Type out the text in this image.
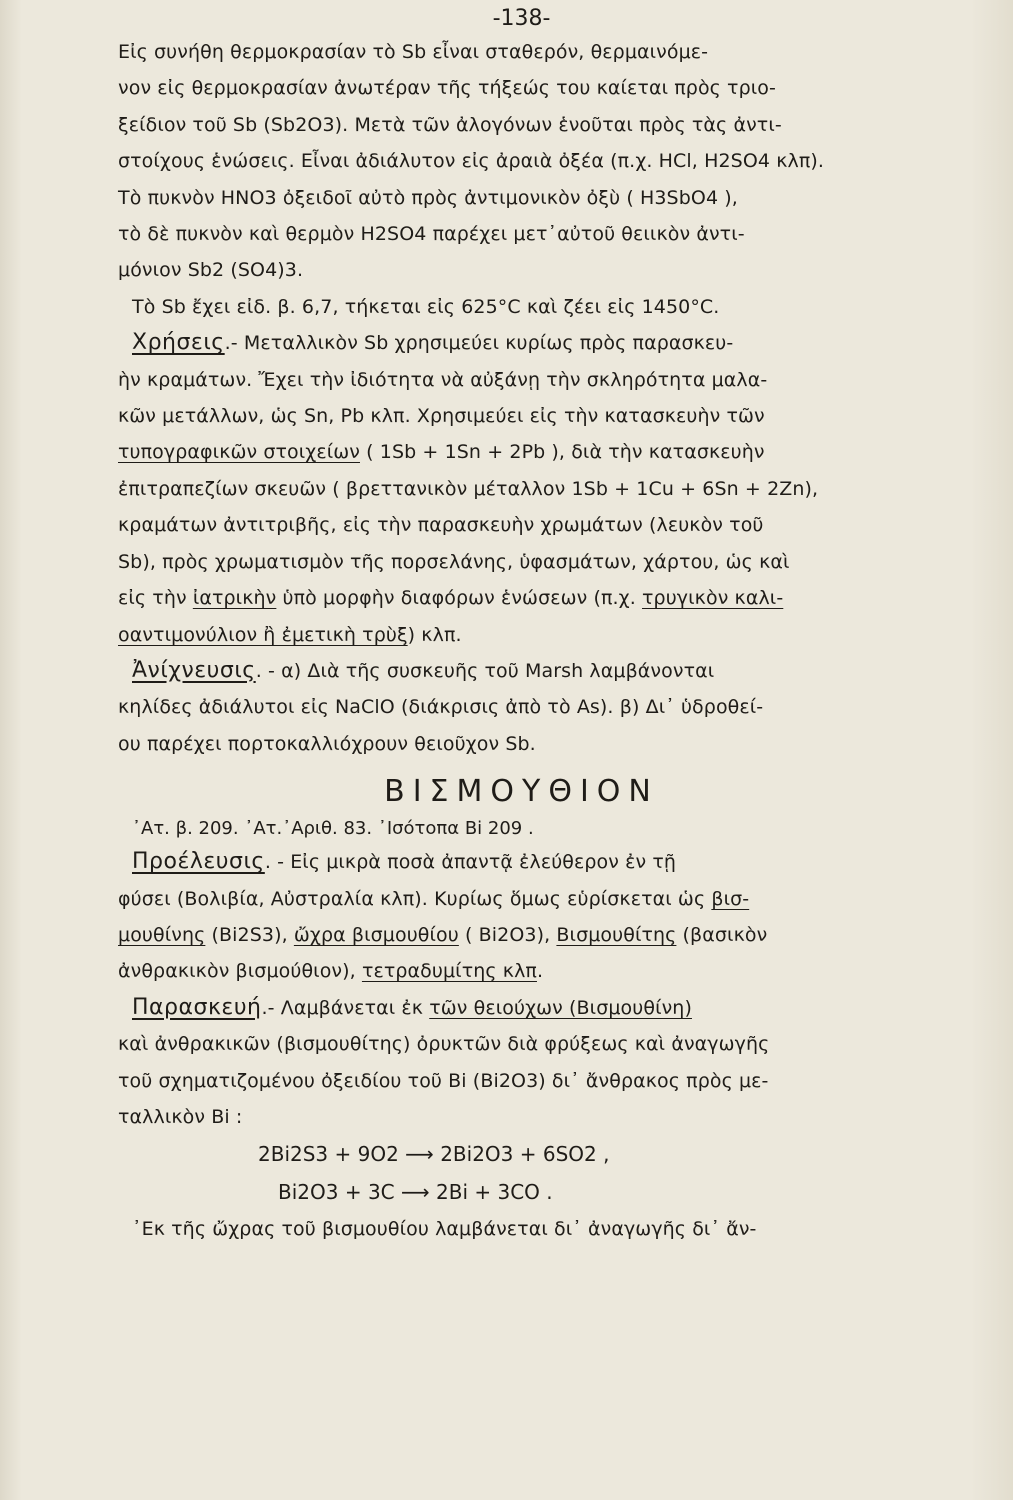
-138-
Εἰς συνήθη θερμοκρασίαν τὸ Sb εἶναι σταθερόν, θερμαινόμε-
νον εἰς θερμοκρασίαν ἀνωτέραν τῆς τήξεώς του καίεται πρὸς τριο-
ξείδιον τοῦ Sb (Sb2O3). Μετὰ τῶν ἀλογόνων ἑνοῦται πρὸς τὰς ἀντι-
στοίχους ἑνώσεις. Εἶναι ἀδιάλυτον εἰς ἀραιὰ ὀξέα (π.χ. HCl, H2SO4 κλπ).
Τὸ πυκνὸν HNO3 ὀξειδοῖ αὐτὸ πρὸς ἀντιμονικὸν ὀξὺ ( H3SbO4 ),
τὸ δὲ πυκνὸν καὶ θερμὸν H2SO4 παρέχει μετ᾽αὐτοῦ θειικὸν ἀντι-
μόνιον Sb2 (SO4)3.
Τὸ Sb ἔχει εἰδ. β. 6,7, τήκεται εἰς 625°C καὶ ζέει εἰς 1450°C.
Χρήσεις.- Μεταλλικὸν Sb χρησιμεύει κυρίως πρὸς παρασκευ-
ὴν κραμάτων. Ἔχει τὴν ἰδιότητα νὰ αὐξάνῃ τὴν σκληρότητα μαλα-
κῶν μετάλλων, ὡς Sn, Pb κλπ. Χρησιμεύει εἰς τὴν κατασκευὴν τῶν
τυπογραφικῶν στοιχείων ( 1Sb + 1Sn + 2Pb ), διὰ τὴν κατασκευὴν
ἐπιτραπεζίων σκευῶν ( βρεττανικὸν μέταλλον 1Sb + 1Cu + 6Sn + 2Zn),
κραμάτων ἀντιτριβῆς, εἰς τὴν παρασκευὴν χρωμάτων (λευκὸν τοῦ
Sb), πρὸς χρωματισμὸν τῆς πορσελάνης, ὑφασμάτων, χάρτου, ὡς καὶ
εἰς τὴν ἰατρικὴν ὑπὸ μορφὴν διαφόρων ἑνώσεων (π.χ. τρυγικὸν καλι-
οαντιμονύλιον ἢ ἐμετικὴ τρὺξ) κλπ.
Ἀνίχνευσις. - α) Διὰ τῆς συσκευῆς τοῦ Marsh λαμβάνονται
κηλίδες ἀδιάλυτοι εἰς NaClO (διάκρισις ἀπὸ τὸ As). β) Δι᾽ ὑδροθεί-
ου παρέχει πορτοκαλλιόχρουν θειοῦχον Sb.
ΒΙΣΜΟΥΘΙΟΝ
᾽Ατ. β. 209. ᾽Ατ.᾽Αριθ. 83. ᾽Ισότοπα Bi 209 .
Προέλευσις. - Εἰς μικρὰ ποσὰ ἀπαντᾷ ἐλεύθερον ἐν τῇ
φύσει (Βολιβία, Αὐστραλία κλπ). Κυρίως ὅμως εὑρίσκεται ὡς βισ-
μουθίνης (Bi2S3), ὤχρα βισμουθίου ( Bi2O3), Βισμουθίτης (βασικὸν
ἀνθρακικὸν βισμούθιον), τετραδυμίτης κλπ.
Παρασκευή.- Λαμβάνεται ἐκ τῶν θειούχων (Βισμουθίνη)
καὶ ἀνθρακικῶν (βισμουθίτης) ὀρυκτῶν διὰ φρύξεως καὶ ἀναγωγῆς
τοῦ σχηματιζομένου ὀξειδίου τοῦ Bi (Bi2O3) δι᾽ ἄνθρακος πρὸς με-
ταλλικὸν Bi :
2Bi2S3 + 9O2 ⟶ 2Bi2O3 + 6SO2 ,
Bi2O3 + 3C ⟶ 2Bi + 3CO .
᾽Εκ τῆς ὤχρας τοῦ βισμουθίου λαμβάνεται δι᾽ ἀναγωγῆς δι᾽ ἄν-
